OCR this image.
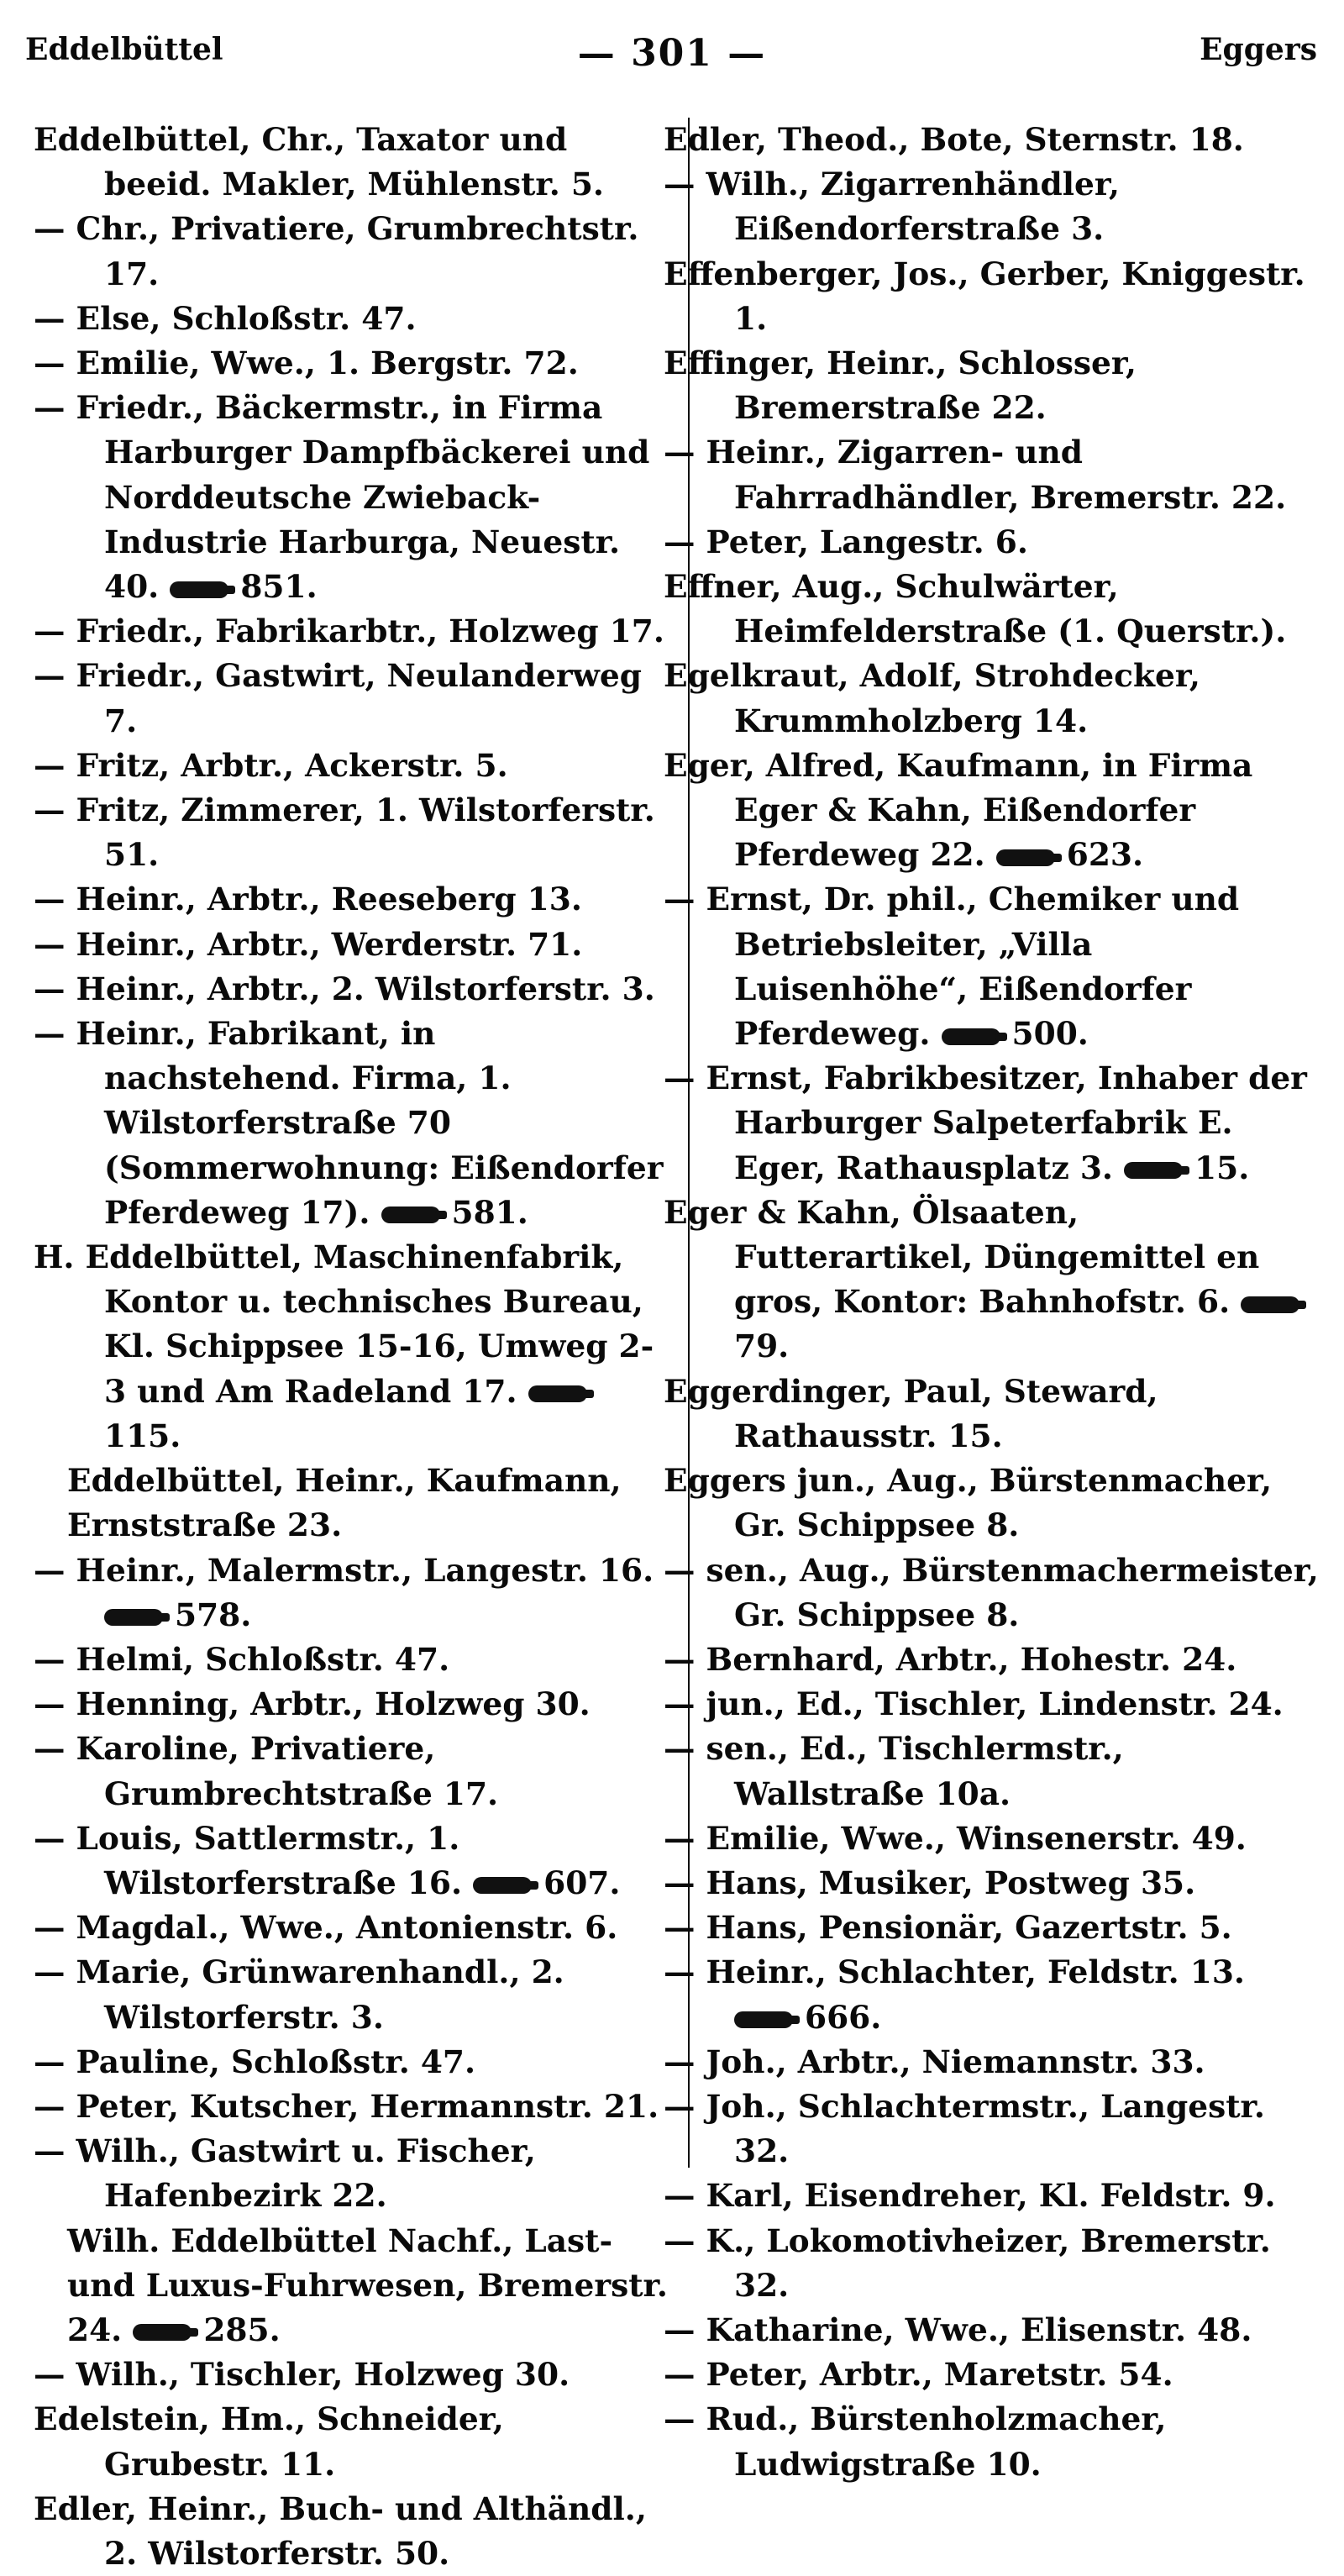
Eddelbüttel	— 301 —	Eggers

Eddelbüttel, Chr., Taxator und beeid. Makler, Mühlenstr. 5.

— Chr., Privatiere, Grumbrechtstr. 17.

— Else, Schloßstr. 47.

— Emilie, Wwe., 1. Bergstr. 72.

— Friedr., Bäckermstr., in Firma Harburger Dampfbäckerei und Norddeutsche Zwieback-Industrie Harburga, Neuestr. 40.	851.

— Friedr., Fabrikarbtr., Holzweg 17.

— Friedr., Gastwirt, Neulanderweg 7.

— Fritz, Arbtr., Ackerstr. 5.

— Fritz, Zimmerer, 1. Wilstorferstr. 51.

— Heinr., Arbtr., Reeseberg 13.

— Heinr., Arbtr., Werderstr. 71.

— Heinr., Arbtr., 2. Wilstorferstr. 3.

— Heinr., Fabrikant, in nachstehend. Firma, 1. Wilstorferstraße 70 (Sommerwohnung: Eißendorfer Pferdeweg 17).	581.

H. Eddelbüttel, Maschinenfabrik, Kontor u. technisches Bureau, Kl. Schippsee 15-16, Umweg 2-3 und Am Radeland 17. 115.

Eddelbüttel, Heinr., Kaufmann, Ernststraße 23.

— Heinr., Malermstr., Langestr. 16. 578.

— Helmi, Schloßstr. 47.

— Henning, Arbtr., Holzweg 30.

— Karoline, Privatiere, Grumbrechtstraße 17.

— Louis, Sattlermstr., 1. Wilstorferstraße 16.	607.

— Magdal., Wwe., Antonienstr. 6.

— Marie, Grünwarenhandl., 2. Wilstorferstr. 3.

— Pauline, Schloßstr. 47.

— Peter, Kutscher, Hermannstr. 21.

— Wilh., Gastwirt u. Fischer, Hafenbezirk 22.

Wilh. Eddelbüttel Nachf., Last- und Luxus-Fuhrwesen, Bremerstr. 24.	285.

— Wilh., Tischler, Holzweg 30.

Edelstein, Hm., Schneider, Grubestr. 11.

Edler, Heinr., Buch- und Althändl., 2. Wilstorferstr. 50.

Edler, Theod., Bote, Sternstr. 18.

— Wilh., Zigarrenhändler, Eißendorferstraße 3.

Effenberger, Jos., Gerber, Kniggestr. 1.

Effinger, Heinr., Schlosser, Bremerstraße 22.

— Heinr., Zigarren- und Fahrradhändler, Bremerstr. 22.

— Peter, Langestr. 6.

Effner, Aug., Schulwärter, Heimfelderstraße (1. Querstr.).

Egelkraut, Adolf, Strohdecker, Krummholzberg 14.

Eger, Alfred, Kaufmann, in Firma Eger & Kahn, Eißendorfer Pferdeweg 22.	623.

— Ernst, Dr. phil., Chemiker und Betriebsleiter, „Villa Luisenhöhe“, Eißendorfer Pferdeweg.	500.

— Ernst, Fabrikbesitzer, Inhaber der Harburger Salpeterfabrik E. Eger, Rathausplatz 3.	15.

Eger & Kahn, Ölsaaten, Futterartikel, Düngemittel en gros, Kontor: Bahnhofstr. 6. 79.

Eggerdinger, Paul, Steward, Rathausstr. 15.

Eggers jun., Aug., Bürstenmacher, Gr. Schippsee 8.

— sen., Aug., Bürstenmachermeister, Gr. Schippsee 8.

— Bernhard, Arbtr., Hohestr. 24.

— jun., Ed., Tischler, Lindenstr. 24.

— sen., Ed., Tischlermstr., Wallstraße 10a.

— Emilie, Wwe., Winsenerstr. 49.

— Hans, Musiker, Postweg 35.

— Hans, Pensionär, Gazertstr. 5.

— Heinr., Schlachter, Feldstr. 13. 666.

— Joh., Arbtr., Niemannstr. 33.

— Joh., Schlachtermstr., Langestr. 32.

— Karl, Eisendreher, Kl. Feldstr. 9.

— K., Lokomotivheizer, Bremerstr. 32.

— Katharine, Wwe., Elisenstr. 48.

— Peter, Arbtr., Maretstr. 54.

— Rud., Bürstenholzmacher, Ludwigstraße 10.
